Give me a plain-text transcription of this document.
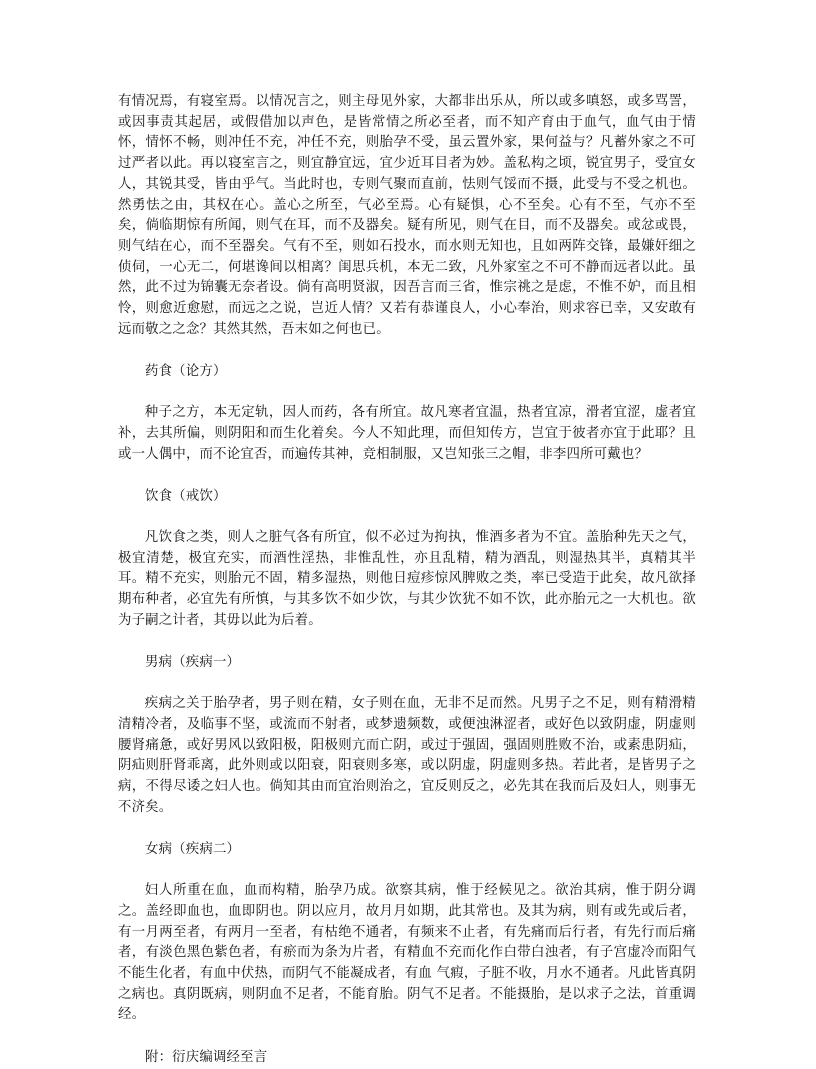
有情况焉，有寝室焉。以情况言之，则主母见外家，大都非出乐从，所以或多嗔怒，或多骂詈，或因事责其起居，或假借加以声色，是皆常情之所必至者，而不知产育由于血气，血气由于情怀，情怀不畅，则冲任不充，冲任不充，则胎孕不受，虽云置外家，果何益与？凡蓄外家之不可过严者以此。再以寝室言之，则宜静宜远，宜少近耳目者为妙。盖私构之顷，锐宜男子，受宜女人，其锐其受，皆由乎气。当此时也，专则气聚而直前，怯则气馁而不摄，此受与不受之机也。然勇怯之由，其权在心。盖心之所至，气必至焉。心有疑惧，心不至矣。心有不至，气亦不至矣，倘临期惊有所闻，则气在耳，而不及器矣。疑有所见，则气在目，而不及器矣。或忿或畏，则气结在心，而不至器矣。气有不至，则如石投水，而水则无知也，且如两阵交锋，最嫌奸细之侦伺，一心无二，何堪谗间以相离？闺思兵机，本无二致，凡外家室之不可不静而远者以此。虽然，此不过为锦囊无奈者设。倘有高明贤淑，因吾言而三省，惟宗祧之是虑，不惟不妒，而且相怜，则愈近愈慰，而远之之说，岂近人情？又若有恭谨良人，小心奉治，则求容已幸，又安敢有远而敬之之念？其然其然，吾末如之何也已。

药食（论方）

种子之方，本无定轨，因人而药，各有所宜。故凡寒者宜温，热者宜凉，滑者宜涩，虚者宜补，去其所偏，则阴阳和而生化着矣。今人不知此理，而但知传方，岂宜于彼者亦宜于此耶？且或一人偶中，而不论宜否，而遍传其神，竞相制服，又岂知张三之帽，非李四所可戴也？

饮食（戒饮）

凡饮食之类，则人之脏气各有所宜，似不必过为拘执，惟酒多者为不宜。盖胎种先天之气，极宜清楚，极宜充实，而酒性淫热，非惟乱性，亦且乱精，精为酒乱，则湿热其半，真精其半耳。精不充实，则胎元不固，精多湿热，则他日痘疹惊风脾败之类，率已受造于此矣，故凡欲择期布种者，必宜先有所慎，与其多饮不如少饮，与其少饮犹不如不饮，此亦胎元之一大机也。欲为子嗣之计者，其毋以此为后着。

男病（疾病一）

疾病之关于胎孕者，男子则在精，女子则在血，无非不足而然。凡男子之不足，则有精滑精清精冷者，及临事不坚，或流而不射者，或梦遗频数，或便浊淋涩者，或好色以致阴虚，阴虚则腰肾痛惫，或好男风以致阳极，阳极则亢而亡阴，或过于强固，强固则胜败不治，或素患阴疝，阴疝则肝肾乖离，此外则或以阳衰，阳衰则多寒，或以阴虚，阴虚则多热。若此者，是皆男子之病，不得尽诿之妇人也。倘知其由而宜治则治之，宜反则反之，必先其在我而后及妇人，则事无不济矣。

女病（疾病二）

妇人所重在血，血而构精，胎孕乃成。欲察其病，惟于经候见之。欲治其病，惟于阴分调之。盖经即血也，血即阴也。阴以应月，故月月如期，此其常也。及其为病，则有或先或后者，有一月两至者，有两月一至者，有枯绝不通者，有频来不止者，有先痛而后行者，有先行而后痛者，有淡色黑色紫色者，有瘀而为条为片者，有精血不充而化作白带白浊者，有子宫虚冷而阳气不能生化者，有血中伏热，而阴气不能凝成者，有血 气瘕，子脏不收，月水不通者。凡此皆真阴之病也。真阴既病，则阴血不足者，不能育胎。阴气不足者。不能摄胎，是以求子之法，首重调经。

附：衍庆编调经至言
